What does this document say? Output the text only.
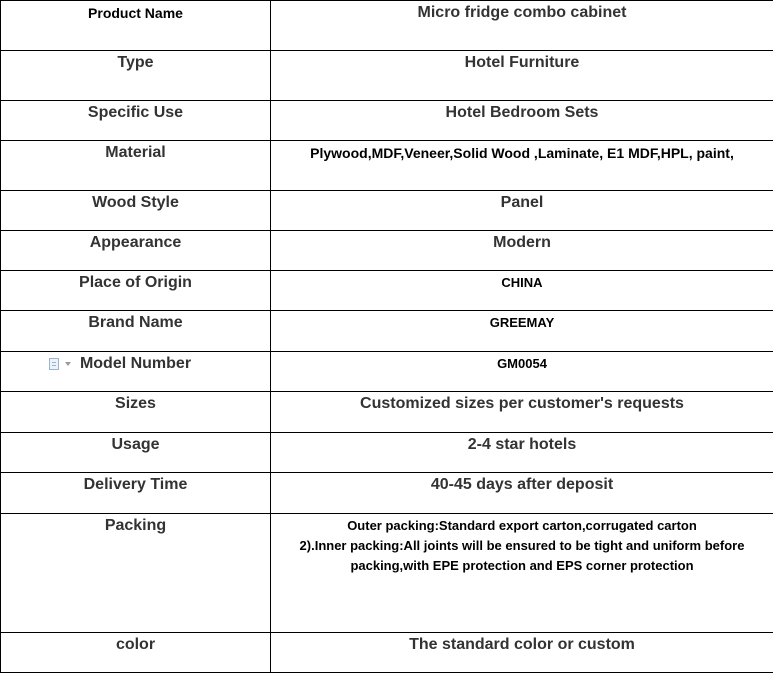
Product Name	Micro fridge combo cabinet
Type	Hotel Furniture
Specific Use	Hotel Bedroom Sets
Material	Plywood,MDF,Veneer,Solid Wood ,Laminate, E1 MDF,HPL, paint,
Wood Style	Panel
Appearance	Modern
Place of Origin	CHINA
Brand Name	GREEMAY

Model Number	GM0054
Sizes	Customized sizes per customer's requests
Usage	2-4 star hotels
Delivery Time	40-45 days after deposit
Packing	Outer packing:Standard export carton,corrugated carton
2).Inner packing:All joints will be ensured to be tight and uniform before
packing,with EPE protection and EPS corner protection

color	The standard color or custom
